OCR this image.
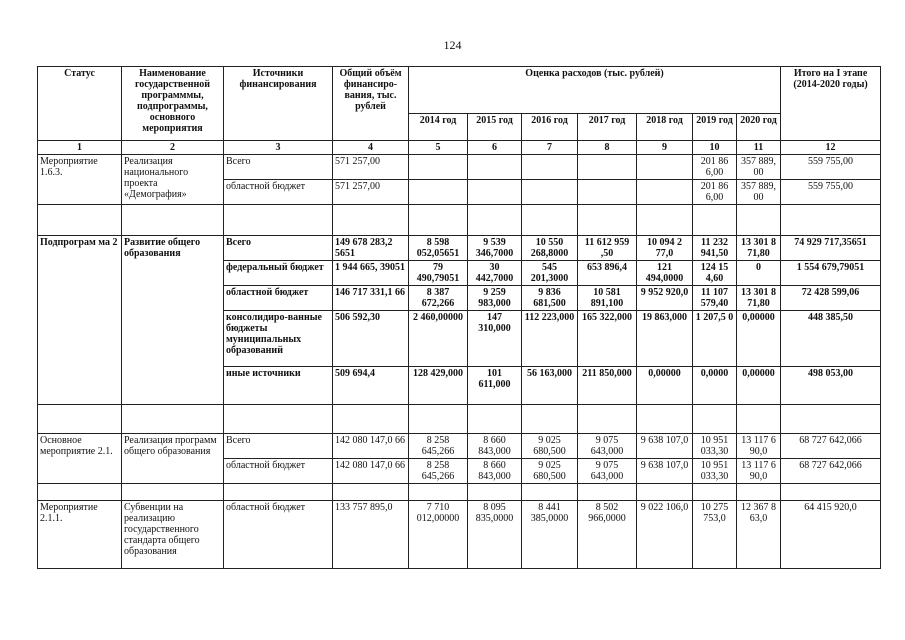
124
Статус	Наименование государственной программмы, подпрограммы, основного мероприятия	Источники финансирования	Общий объём финансиро-вания, тыс. рублей	Оценка расходов (тыс. рублей)							Итого на I этапе (2014-2020 годы)
				2014 год	2015 год	2016 год	2017 год	2018 год	2019 год	2020 год	
1	2	3	4	5	6	7	8	9	10	11	12
Мероприятие 1.6.3.	Реализация национального проекта «Демография»	Всего	571 257,00						201 86 6,00	357 889, 00	559 755,00
		областной бюджет	571 257,00						201 86 6,00	357 889, 00	559 755,00

Подпрограм ма 2	Развитие общего образования	Всего	149 678 283,2 5651	8 598 052,05651	9 539 346,7000	10 550 268,8000	11 612 959 ,50	10 094 2 77,0	11 232 941,50	13 301 8 71,80	74 929 717,35651
		федеральный бюджет	1 944 665, 39051	79 490,79051	30 442,7000	545 201,3000	653 896,4	121 494,0000	124 15 4,60	0	1 554 679,79051
		областной бюджет	146 717 331,1 66	8 387 672,266	9 259 983,000	9 836 681,500	10 581 891,100	9 952 920,0	11 107 579,40	13 301 8 71,80	72 428 599,06
		консолидиро-ванные бюджеты муниципальных образований	506 592,30	2 460,00000	147 310,000	112 223,000	165 322,000	19 863,000	1 207,5 0	0,00000	448 385,50
		иные источники	509 694,4	128 429,000	101 611,000	56 163,000	211 850,000	0,00000	0,0000	0,00000	498 053,00

Основное мероприятие 2.1.	Реализация программ общего образования	Всего	142 080 147,0 66	8 258 645,266	8 660 843,000	9 025 680,500	9 075 643,000	9 638 107,0	10 951 033,30	13 117 6 90,0	68 727 642,066
		областной бюджет	142 080 147,0 66	8 258 645,266	8 660 843,000	9 025 680,500	9 075 643,000	9 638 107,0	10 951 033,30	13 117 6 90,0	68 727 642,066

Мероприятие 2.1.1.	Субвенции на реализацию государственного стандарта общего образования	областной бюджет	133 757 895,0	7 710 012,00000	8 095 835,0000	8 441 385,0000	8 502 966,0000	9 022 106,0	10 275 753,0	12 367 8 63,0	64 415 920,0
